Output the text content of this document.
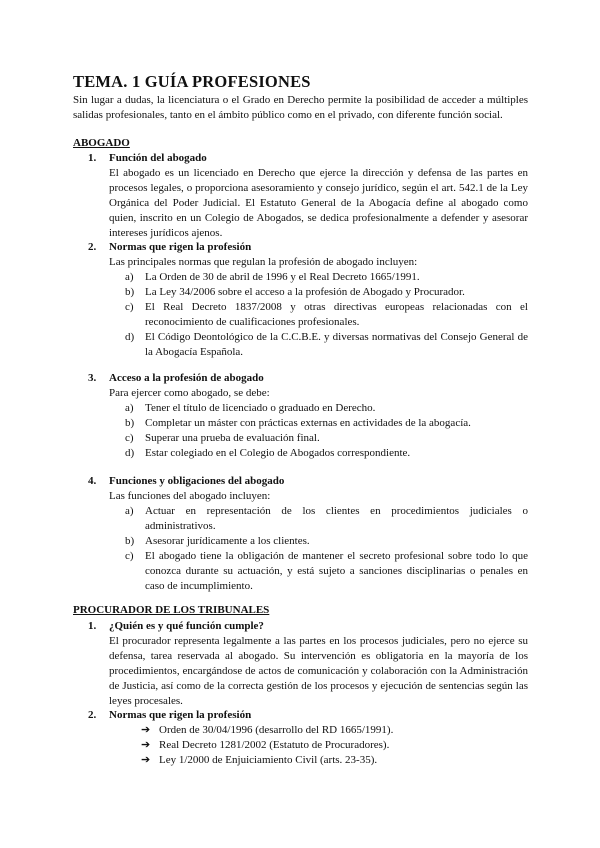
TEMA. 1 GUÍA PROFESIONES
Sin lugar a dudas, la licenciatura o el Grado en Derecho permite la posibilidad de acceder a múltiples salidas profesionales, tanto en el ámbito público como en el privado, con diferente función social.
ABOGADO
1. Función del abogado
El abogado es un licenciado en Derecho que ejerce la dirección y defensa de las partes en procesos legales, o proporciona asesoramiento y consejo jurídico, según el art. 542.1 de la Ley Orgánica del Poder Judicial. El Estatuto General de la Abogacía define al abogado como quien, inscrito en un Colegio de Abogados, se dedica profesionalmente a defender y asesorar intereses jurídicos ajenos.
2. Normas que rigen la profesión
Las principales normas que regulan la profesión de abogado incluyen:
a) La Orden de 30 de abril de 1996 y el Real Decreto 1665/1991.
b) La Ley 34/2006 sobre el acceso a la profesión de Abogado y Procurador.
c) El Real Decreto 1837/2008 y otras directivas europeas relacionadas con el reconocimiento de cualificaciones profesionales.
d) El Código Deontológico de la C.C.B.E. y diversas normativas del Consejo General de la Abogacía Española.
3. Acceso a la profesión de abogado
Para ejercer como abogado, se debe:
a) Tener el título de licenciado o graduado en Derecho.
b) Completar un máster con prácticas externas en actividades de la abogacía.
c) Superar una prueba de evaluación final.
d) Estar colegiado en el Colegio de Abogados correspondiente.
4. Funciones y obligaciones del abogado
Las funciones del abogado incluyen:
a) Actuar en representación de los clientes en procedimientos judiciales o administrativos.
b) Asesorar jurídicamente a los clientes.
c) El abogado tiene la obligación de mantener el secreto profesional sobre todo lo que conozca durante su actuación, y está sujeto a sanciones disciplinarias o penales en caso de incumplimiento.
PROCURADOR DE LOS TRIBUNALES
1. ¿Quién es y qué función cumple?
El procurador representa legalmente a las partes en los procesos judiciales, pero no ejerce su defensa, tarea reservada al abogado. Su intervención es obligatoria en la mayoría de los procedimientos, encargándose de actos de comunicación y colaboración con la Administración de Justicia, así como de la correcta gestión de los procesos y ejecución de sentencias según las leyes procesales.
2. Normas que rigen la profesión
➔ Orden de 30/04/1996 (desarrollo del RD 1665/1991).
➔ Real Decreto 1281/2002 (Estatuto de Procuradores).
➔ Ley 1/2000 de Enjuiciamiento Civil (arts. 23-35).
